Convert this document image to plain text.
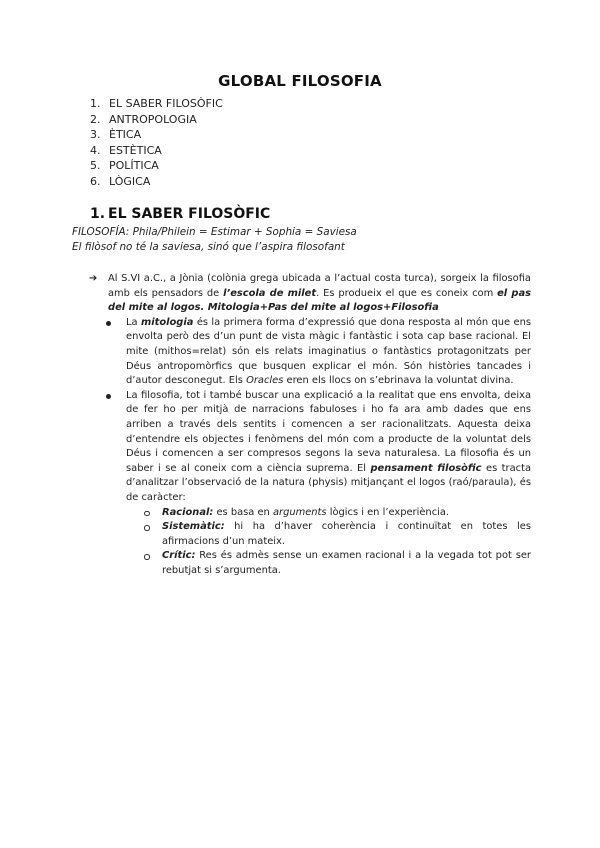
GLOBAL FILOSOFIA
1. EL SABER FILOSÒFIC
2. ANTROPOLOGIA
3. ÈTICA
4. ESTÈTICA
5. POLÍTICA
6. LÒGICA
1. EL SABER FILOSÒFIC
FILOSOFÍA: Phila/Philein = Estimar + Sophia = Saviesa
El filòsof no té la saviesa, sinó que l’aspira filosofant
➔ Al S.VI a.C., a Jònia (colònia grega ubicada a l’actual costa turca), sorgeix la filosofia amb els pensadors de l’escola de milet. Es produeix el que es coneix com el pas del mite al logos. Mitologia+Pas del mite al logos+Filosofia
La mitologia és la primera forma d’expressió que dona resposta al món que ens envolta però des d’un punt de vista màgic i fantàstic i sota cap base racional. El mite (mithos=relat) són els relats imaginatius o fantàstics protagonitzats per Déus antropomòrfics que busquen explicar el món. Són històries tancades i d’autor desconegut. Els Oracles eren els llocs on s’ebrinava la voluntat divina.
La filosofia, tot i també buscar una explicació a la realitat que ens envolta, deixa de fer ho per mitjà de narracions fabuloses i ho fa ara amb dades que ens arriben a través dels sentits i comencen a ser racionalitzats. Aquesta deixa d’entendre els objectes i fenòmens del món com a producte de la voluntat dels Déus i comencen a ser compresos segons la seva naturalesa. La filosofia és un saber i se al coneix com a ciència suprema. El pensament filosòfic es tracta d’analitzar l’observació de la natura (physis) mitjançant el logos (raó/paraula), és de caràcter:
Racional: es basa en arguments lògics i en l’experiència.
Sistemàtic: hi ha d’haver coherència i continuïtat en totes les afirmacions d’un mateix.
Crític: Res és admès sense un examen racional i a la vegada tot pot ser rebutjat si s’argumenta.
